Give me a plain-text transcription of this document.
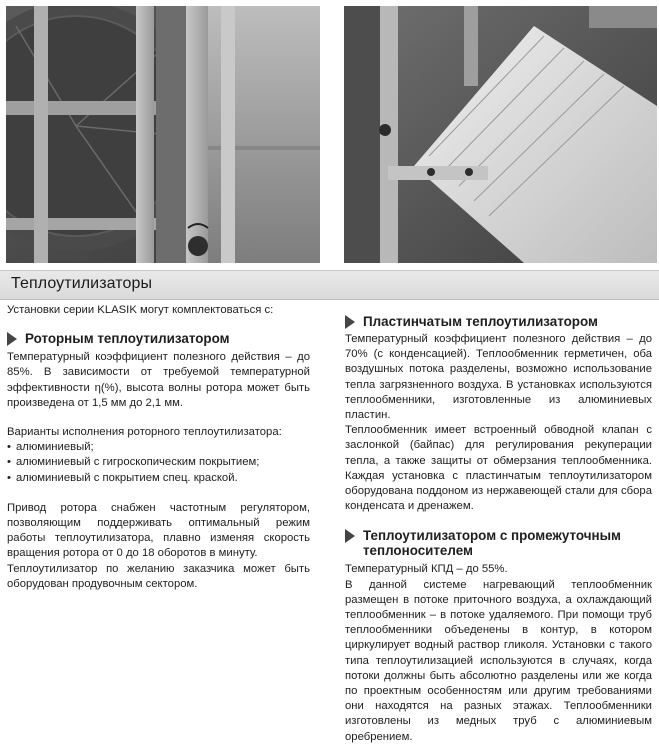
Теплоутилизаторы

Установки серии KLASIK могут комплектоваться с:

Роторным теплоутилизатором

Температурный коэффициент полезного действия – до 85%. В зависимости от требуемой температурной эффективности η(%), высота волны ротора может быть произведена от 1,5 мм до 2,1 мм.

Варианты исполнения роторного теплоутилизатора:

• алюминиевый;
• алюминиевый с гигроскопическим покрытием;
• алюминиевый с покрытием спец. краской.

Привод ротора снабжен частотным регулятором, позволяющим поддерживать оптимальный режим работы теплоутилизатора, плавно изменяя скорость вращения ротора от 0 до 18 оборотов в минуту.

Теплоутилизатор по желанию заказчика может быть оборудован продувочным сектором.

Пластинчатым теплоутилизатором

Температурный коэффициент полезного действия – до 70% (с конденсацией). Теплообменник герметичен, оба воздушных потока разделены, возможно использование тепла загрязненного воздуха. В установках используются теплообменники, изготовленные из алюминиевых пластин.

Теплообменник имеет встроенный обводной клапан с заслонкой (байпас) для регулирования рекуперации тепла, а также защиты от обмерзания теплообменника. Каждая установка с пластинчатым теплоутилизатором оборудована поддоном из нержавеющей стали для сбора конденсата и дренажем.

Теплоутилизатором с промежуточным теплоносителем

Температурный КПД – до 55%.

В данной системе нагревающий теплообменник размещен в потоке приточного воздуха, а охлаждающий теплообменник – в потоке удаляемого. При помощи труб теплообменники объеденены в контур, в котором циркулирует водный раствор гликоля. Установки с такого типа теплоутилизацией используются в случаях, когда потоки должны быть абсолютно разделены или же когда по проектным особенностям или другим требованиями они находятся на разных этажах. Теплообменники изготовлены из медных труб с алюминиевым оребрением.
